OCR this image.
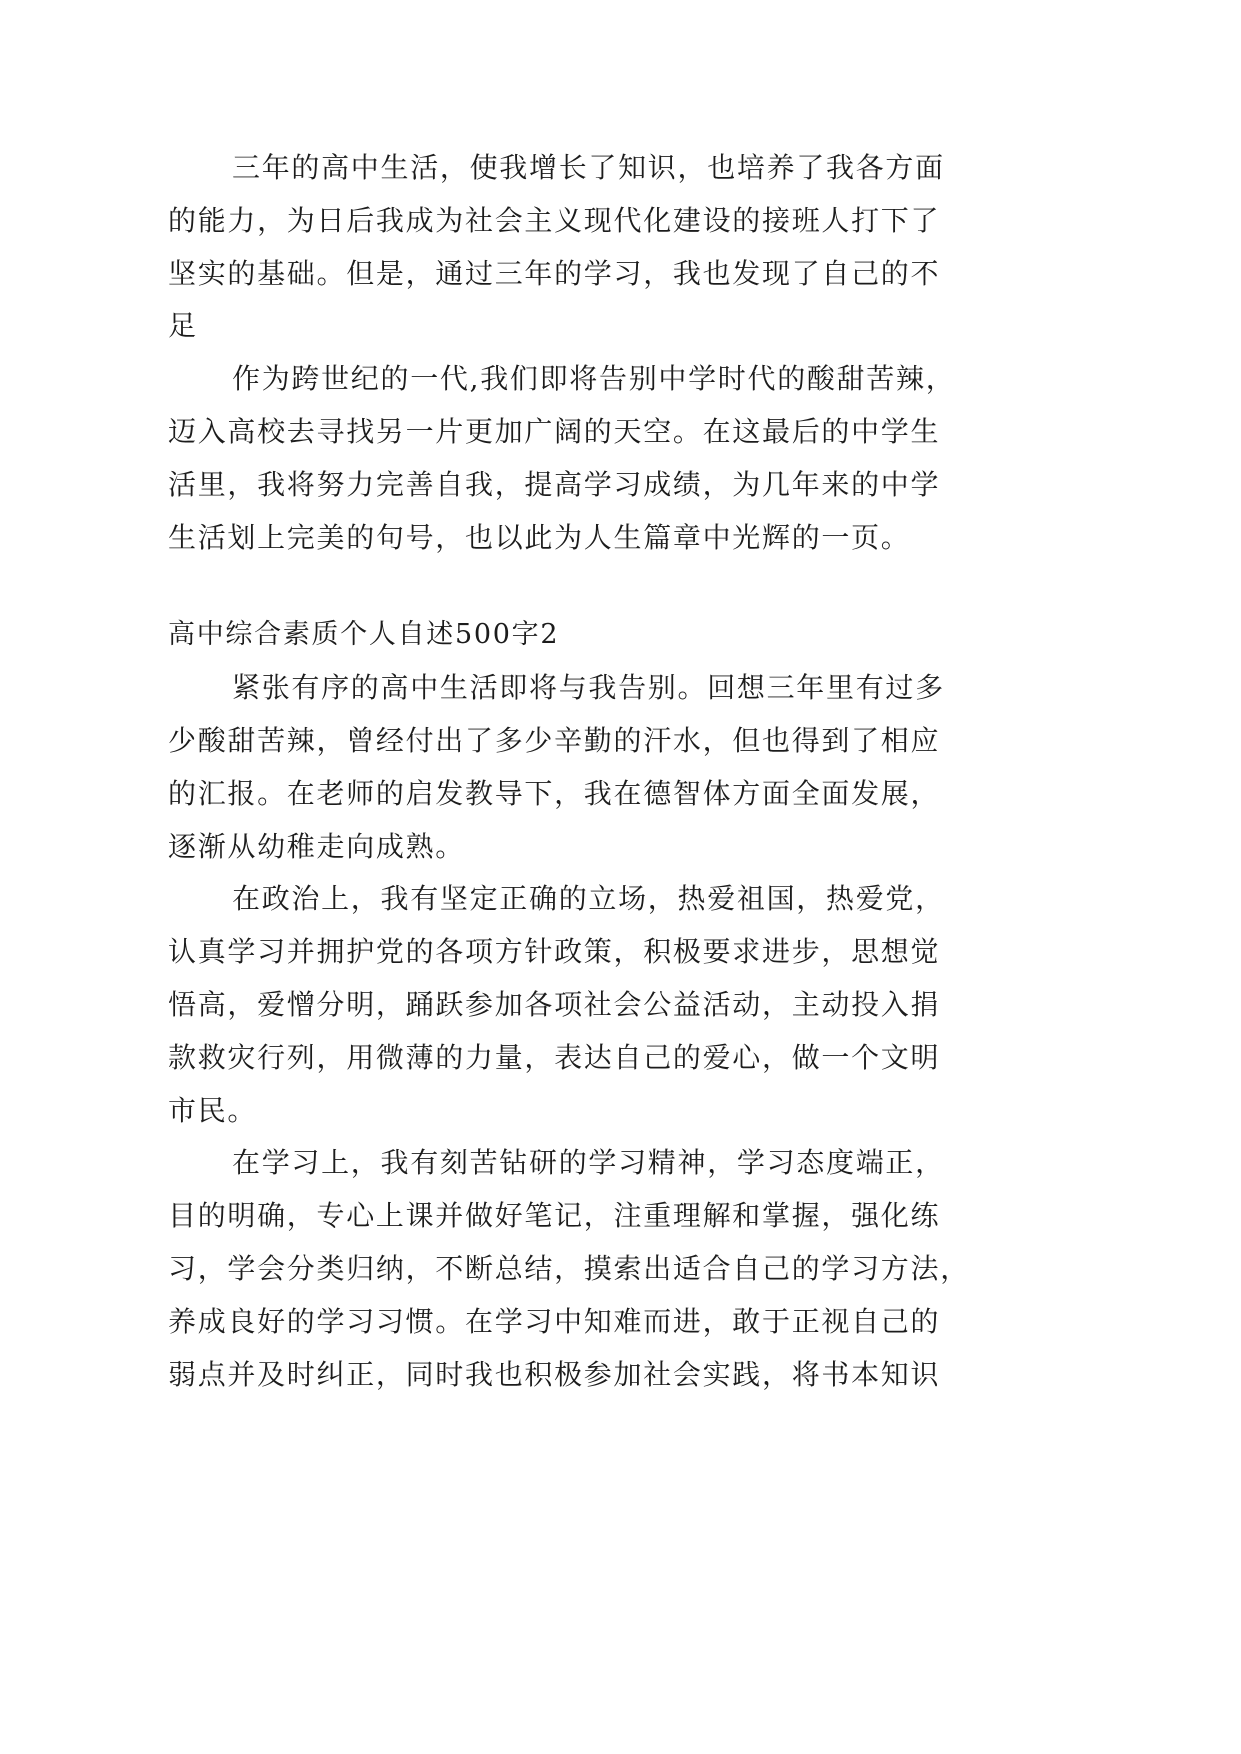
三年的高中生活，使我增长了知识，也培养了我各方面
的能力，为日后我成为社会主义现代化建设的接班人打下了
坚实的基础。但是，通过三年的学习，我也发现了自己的不
足
作为跨世纪的一代,我们即将告别中学时代的酸甜苦辣，
迈入高校去寻找另一片更加广阔的天空。在这最后的中学生
活里，我将努力完善自我，提高学习成绩，为几年来的中学
生活划上完美的句号，也以此为人生篇章中光辉的一页。
高中综合素质个人自述500字2
紧张有序的高中生活即将与我告别。回想三年里有过多
少酸甜苦辣，曾经付出了多少辛勤的汗水，但也得到了相应
的汇报。在老师的启发教导下，我在德智体方面全面发展，
逐渐从幼稚走向成熟。
在政治上，我有坚定正确的立场，热爱祖国，热爱党，
认真学习并拥护党的各项方针政策，积极要求进步，思想觉
悟高，爱憎分明，踊跃参加各项社会公益活动，主动投入捐
款救灾行列，用微薄的力量，表达自己的爱心，做一个文明
市民。
在学习上，我有刻苦钻研的学习精神，学习态度端正，
目的明确，专心上课并做好笔记，注重理解和掌握，强化练
习，学会分类归纳，不断总结，摸索出适合自己的学习方法，
养成良好的学习习惯。在学习中知难而进，敢于正视自己的
弱点并及时纠正，同时我也积极参加社会实践，将书本知识
